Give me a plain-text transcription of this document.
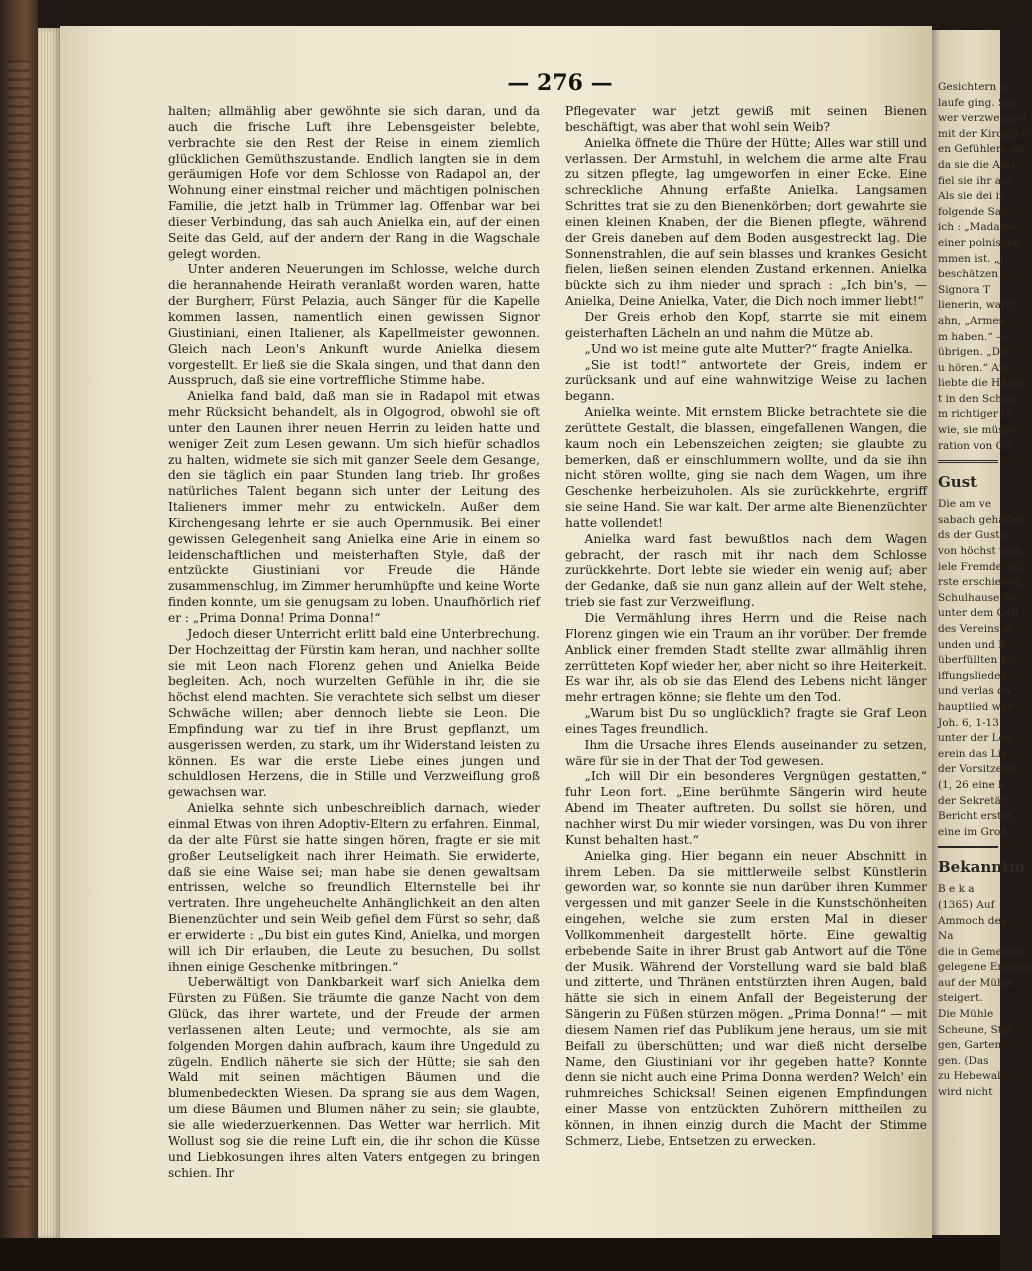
— 276 —

halten; allmählig aber gewöhnte sie sich daran, und da auch die frische Luft ihre Lebensgeister belebte, verbrachte sie den Rest der Reise in einem ziemlich glücklichen Gemüthszustande. Endlich langten sie in dem geräumigen Hofe vor dem Schlosse von Radapol an, der Wohnung einer einstmal reicher und mächtigen polnischen Familie, die jetzt halb in Trümmer lag. Offenbar war bei dieser Verbindung, das sah auch Anielka ein, auf der einen Seite das Geld, auf der andern der Rang in die Wagschale gelegt worden.

Unter anderen Neuerungen im Schlosse, welche durch die herannahende Heirath veranlaßt worden waren, hatte der Burgherr, Fürst Pelazia, auch Sänger für die Kapelle kommen lassen, namentlich einen gewissen Signor Giustiniani, einen Italiener, als Kapellmeister gewonnen. Gleich nach Leon's Ankunft wurde Anielka diesem vorgestellt. Er ließ sie die Skala singen, und that dann den Ausspruch, daß sie eine vortreffliche Stimme habe.

Anielka fand bald, daß man sie in Radapol mit etwas mehr Rücksicht behandelt, als in Olgogrod, obwohl sie oft unter den Launen ihrer neuen Herrin zu leiden hatte und weniger Zeit zum Lesen gewann. Um sich hiefür schadlos zu halten, widmete sie sich mit ganzer Seele dem Gesange, den sie täglich ein paar Stunden lang trieb. Ihr großes natürliches Talent begann sich unter der Leitung des Italieners immer mehr zu entwickeln. Außer dem Kirchengesang lehrte er sie auch Opernmusik. Bei einer gewissen Gelegenheit sang Anielka eine Arie in einem so leidenschaftlichen und meisterhaften Style, daß der entzückte Giustiniani vor Freude die Hände zusammenschlug, im Zimmer herumhüpfte und keine Worte finden konnte, um sie genugsam zu loben. Unaufhörlich rief er : „Prima Donna! Prima Donna!“

Jedoch dieser Unterricht erlitt bald eine Unterbrechung. Der Hochzeittag der Fürstin kam heran, und nachher sollte sie mit Leon nach Florenz gehen und Anielka Beide begleiten. Ach, noch wurzelten Gefühle in ihr, die sie höchst elend machten. Sie verachtete sich selbst um dieser Schwäche willen; aber dennoch liebte sie Leon. Die Empfindung war zu tief in ihre Brust gepflanzt, um ausgerissen werden, zu stark, um ihr Widerstand leisten zu können. Es war die erste Liebe eines jungen und schuldlosen Herzens, die in Stille und Verzweiflung groß gewachsen war.

Anielka sehnte sich unbeschreiblich darnach, wieder einmal Etwas von ihren Adoptiv-Eltern zu erfahren. Einmal, da der alte Fürst sie hatte singen hören, fragte er sie mit großer Leutseligkeit nach ihrer Heimath. Sie erwiderte, daß sie eine Waise sei; man habe sie denen gewaltsam entrissen, welche so freundlich Elternstelle bei ihr vertraten. Ihre ungeheuchelte Anhänglichkeit an den alten Bienenzüchter und sein Weib gefiel dem Fürst so sehr, daß er erwiderte : „Du bist ein gutes Kind, Anielka, und morgen will ich Dir erlauben, die Leute zu besuchen, Du sollst ihnen einige Geschenke mitbringen.“

Ueberwältigt von Dankbarkeit warf sich Anielka dem Fürsten zu Füßen. Sie träumte die ganze Nacht von dem Glück, das ihrer wartete, und der Freude der armen verlassenen alten Leute; und vermochte, als sie am folgenden Morgen dahin aufbrach, kaum ihre Ungeduld zu zügeln. Endlich näherte sie sich der Hütte; sie sah den Wald mit seinen mächtigen Bäumen und die blumenbedeckten Wiesen. Da sprang sie aus dem Wagen, um diese Bäumen und Blumen näher zu sein; sie glaubte, sie alle wiederzuerkennen. Das Wetter war herrlich. Mit Wollust sog sie die reine Luft ein, die ihr schon die Küsse und Liebkosungen ihres alten Vaters entgegen zu bringen schien. Ihr

Pflegevater war jetzt gewiß mit seinen Bienen beschäftigt, was aber that wohl sein Weib?

Anielka öffnete die Thüre der Hütte; Alles war still und verlassen. Der Armstuhl, in welchem die arme alte Frau zu sitzen pflegte, lag umgeworfen in einer Ecke. Eine schreckliche Ahnung erfaßte Anielka. Langsamen Schrittes trat sie zu den Bienenkörben; dort gewahrte sie einen kleinen Knaben, der die Bienen pflegte, während der Greis daneben auf dem Boden ausgestreckt lag. Die Sonnenstrahlen, die auf sein blasses und krankes Gesicht fielen, ließen seinen elenden Zustand erkennen. Anielka bückte sich zu ihm nieder und sprach : „Ich bin's, — Anielka, Deine Anielka, Vater, die Dich noch immer liebt!“

Der Greis erhob den Kopf, starrte sie mit einem geisterhaften Lächeln an und nahm die Mütze ab.

„Und wo ist meine gute alte Mutter?“ fragte Anielka.

„Sie ist todt!“ antwortete der Greis, indem er zurücksank und auf eine wahnwitzige Weise zu lachen begann.

Anielka weinte. Mit ernstem Blicke betrachtete sie die zerüttete Gestalt, die blassen, eingefallenen Wangen, die kaum noch ein Lebenszeichen zeigten; sie glaubte zu bemerken, daß er einschlummern wollte, und da sie ihn nicht stören wollte, ging sie nach dem Wagen, um ihre Geschenke herbeizuholen. Als sie zurückkehrte, ergriff sie seine Hand. Sie war kalt. Der arme alte Bienenzüchter hatte vollendet!

Anielka ward fast bewußtlos nach dem Wagen gebracht, der rasch mit ihr nach dem Schlosse zurückkehrte. Dort lebte sie wieder ein wenig auf; aber der Gedanke, daß sie nun ganz allein auf der Welt stehe, trieb sie fast zur Verzweiflung.

Die Vermählung ihres Herrn und die Reise nach Florenz gingen wie ein Traum an ihr vorüber. Der fremde Anblick einer fremden Stadt stellte zwar allmählig ihren zerrütteten Kopf wieder her, aber nicht so ihre Heiterkeit. Es war ihr, als ob sie das Elend des Lebens nicht länger mehr ertragen könne; sie flehte um den Tod.

„Warum bist Du so unglücklich? fragte sie Graf Leon eines Tages freundlich.

Ihm die Ursache ihres Elends auseinander zu setzen, wäre für sie in der That der Tod gewesen.

„Ich will Dir ein besonderes Vergnügen gestatten,“ fuhr Leon fort. „Eine berühmte Sängerin wird heute Abend im Theater auftreten. Du sollst sie hören, und nachher wirst Du mir wieder vorsingen, was Du von ihrer Kunst behalten hast.“

Anielka ging. Hier begann ein neuer Abschnitt in ihrem Leben. Da sie mittlerweile selbst Künstlerin geworden war, so konnte sie nun darüber ihren Kummer vergessen und mit ganzer Seele in die Kunstschönheiten eingehen, welche sie zum ersten Mal in dieser Vollkommenheit dargestellt hörte. Eine gewaltig erbebende Saite in ihrer Brust gab Antwort auf die Töne der Musik. Während der Vorstellung ward sie bald blaß und zitterte, und Thränen entstürzten ihren Augen, bald hätte sie sich in einem Anfall der Begeisterung der Sängerin zu Füßen stürzen mögen. „Prima Donna!“ — mit diesem Namen rief das Publikum jene heraus, um sie mit Beifall zu überschütten; und war dieß nicht derselbe Name, den Giustiniani vor ihr gegeben hatte? Konnte denn sie nicht auch eine Prima Donna werden? Welch' ein ruhmreiches Schicksal! Seinen eigenen Empfindungen einer Masse von entzückten Zuhörern mittheilen zu können, in ihnen einzig durch die Macht der Stimme Schmerz, Liebe, Entsetzen zu erwecken.

Gesichtern G
laufe ging. Sie
wer verzweifelte
mit der Kirchlich
en Gefühlen, die
da sie die Abre
fiel sie ihr auf
Als sie dei in
folgende Sau
ich : „Madame
einer polnische
mmen ist. „J
beschätzen
Signora T
lienerin, ward
ahn, „Armes
m haben.“ —
übrigen. „Du
u hören.“ Ani
liebte die Hände
t in den Schoo
m richtiger In
wie, sie müsse
ration von Ob
Gust
Die am ve
sabach gehalten
ds der Gustav
von höchst woh
iele Fremde, zu
rste erschienen,
Schulhause zu
unter dem Geb
des Vereins in
unden und B
überfüllten Kir
iffungsliedes
und verlas da
hauptlied wur
Joh. 6, 1-13
unter der Leit
erein das Lie
der Vorsitzend
(1, 26 eine k
der Sekretär,
Bericht erstat
eine im Groß
Bekanntm
B e k a
(1365) Auf
Ammoch des
Na
die in Gemeinde
gelegene Erblehn
auf der Mühle
steigert.
Die Mühle
Scheune, Stal
gen, Garten
gen. (Das
zu Hebewal
wird nicht
